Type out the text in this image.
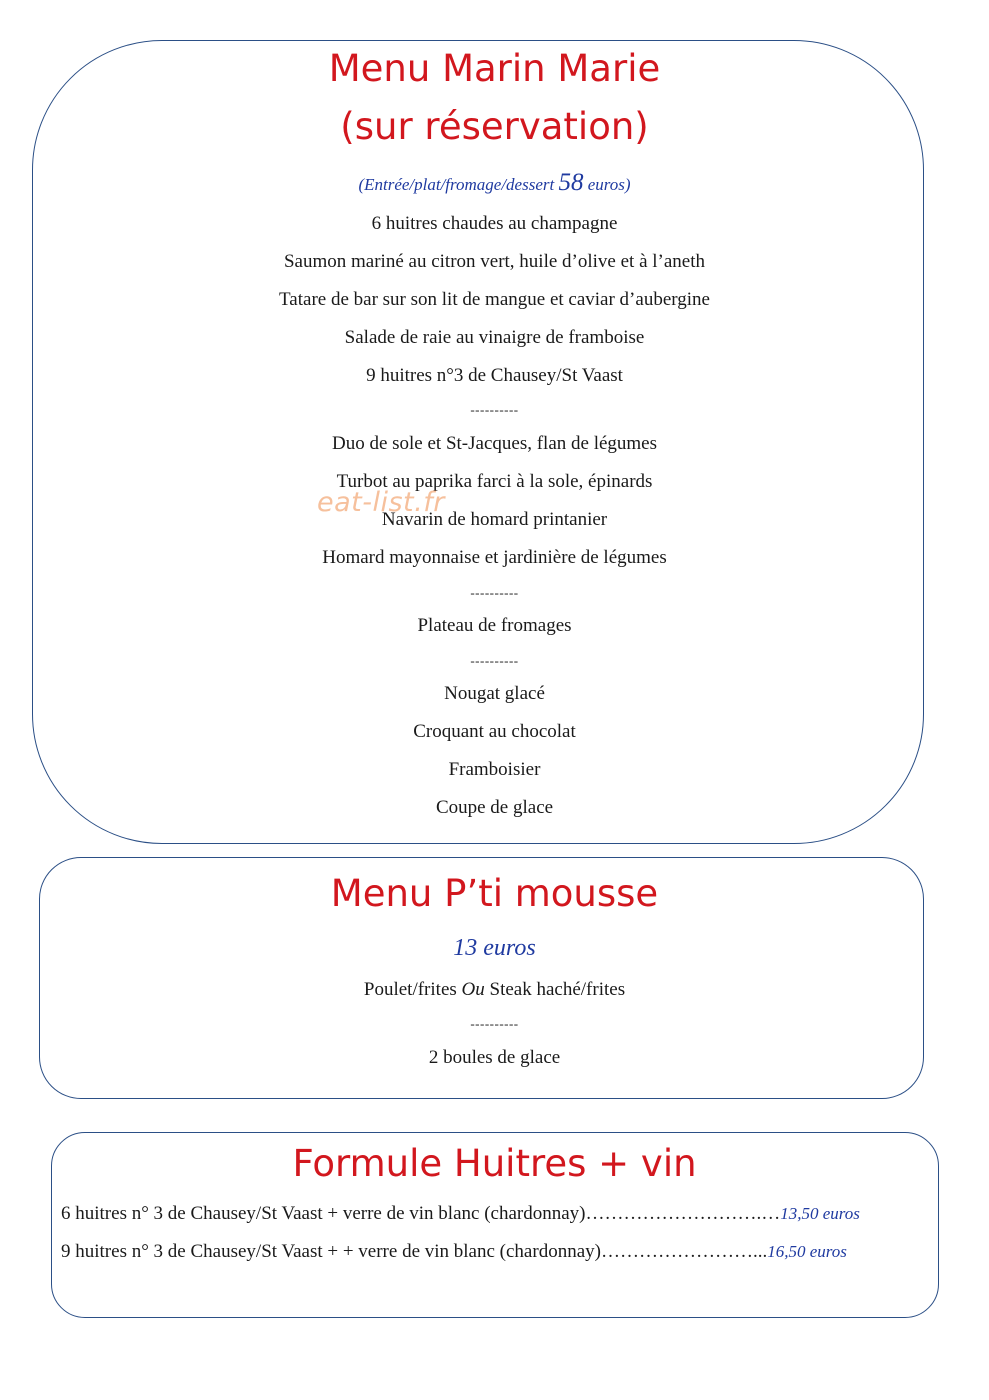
Menu Marin Marie
(sur réservation)
(Entrée/plat/fromage/dessert 58 euros)
6 huitres chaudes au champagne
Saumon mariné au citron vert, huile d’olive et à l’aneth
Tatare de bar sur son lit de mangue et caviar d’aubergine
Salade de raie au vinaigre de framboise
9 huitres n°3 de Chausey/St Vaast
----------
Duo de sole et St-Jacques, flan de légumes
Turbot au paprika farci à la sole, épinards
Navarin de homard printanier
Homard mayonnaise et jardinière de légumes
----------
Plateau de fromages
----------
Nougat glacé
Croquant au chocolat
Framboisier
Coupe de glace
eat-list.fr
Menu P’ti mousse
13 euros
Poulet/frites Ou Steak haché/frites
----------
2 boules de glace
Formule Huitres + vin
6 huitres n° 3 de Chausey/St Vaast + verre de vin blanc (chardonnay)……………………….…13,50 euros
9 huitres n° 3 de Chausey/St Vaast + + verre de vin blanc (chardonnay)……………………...16,50 euros
